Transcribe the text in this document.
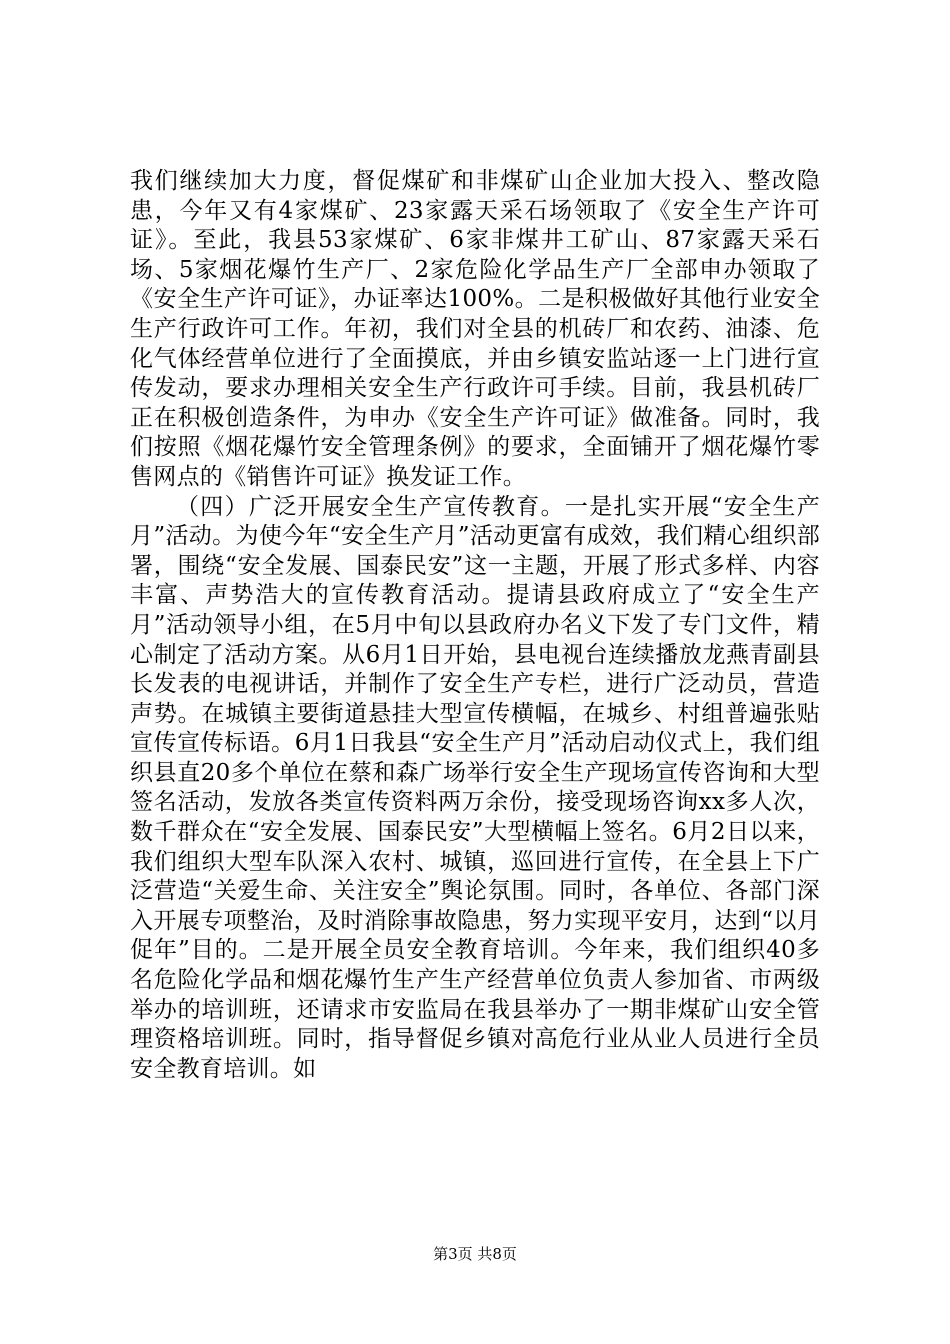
我们继续加大力度，督促煤矿和非煤矿山企业加大投入、整改隐患，今年又有4家煤矿、23家露天采石场领取了《安全生产许可证》。至此，我县53家煤矿、6家非煤井工矿山、87家露天采石场、5家烟花爆竹生产厂、2家危险化学品生产厂全部申办领取了《安全生产许可证》，办证率达100%。二是积极做好其他行业安全生产行政许可工作。年初，我们对全县的机砖厂和农药、油漆、危化气体经营单位进行了全面摸底，并由乡镇安监站逐一上门进行宣传发动，要求办理相关安全生产行政许可手续。目前，我县机砖厂正在积极创造条件，为申办《安全生产许可证》做准备。同时，我们按照《烟花爆竹安全管理条例》的要求，全面铺开了烟花爆竹零售网点的《销售许可证》换发证工作。

（四）广泛开展安全生产宣传教育。一是扎实开展“安全生产月”活动。为使今年“安全生产月”活动更富有成效，我们精心组织部署，围绕“安全发展、国泰民安”这一主题，开展了形式多样、内容丰富、声势浩大的宣传教育活动。提请县政府成立了“安全生产月”活动领导小组，在5月中旬以县政府办名义下发了专门文件，精心制定了活动方案。从6月1日开始，县电视台连续播放龙燕青副县长发表的电视讲话，并制作了安全生产专栏，进行广泛动员，营造声势。在城镇主要街道悬挂大型宣传横幅，在城乡、村组普遍张贴宣传宣传标语。6月1日我县“安全生产月”活动启动仪式上，我们组织县直20多个单位在蔡和森广场举行安全生产现场宣传咨询和大型签名活动，发放各类宣传资料两万余份，接受现场咨询xx多人次，数千群众在“安全发展、国泰民安”大型横幅上签名。6月2日以来，我们组织大型车队深入农村、城镇，巡回进行宣传，在全县上下广泛营造“关爱生命、关注安全”舆论氛围。同时，各单位、各部门深入开展专项整治，及时消除事故隐患，努力实现平安月，达到“以月促年”目的。二是开展全员安全教育培训。今年来，我们组织40多名危险化学品和烟花爆竹生产生产经营单位负责人参加省、市两级举办的培训班，还请求市安监局在我县举办了一期非煤矿山安全管理资格培训班。同时，指导督促乡镇对高危行业从业人员进行全员安全教育培训。如

第3页 共8页
